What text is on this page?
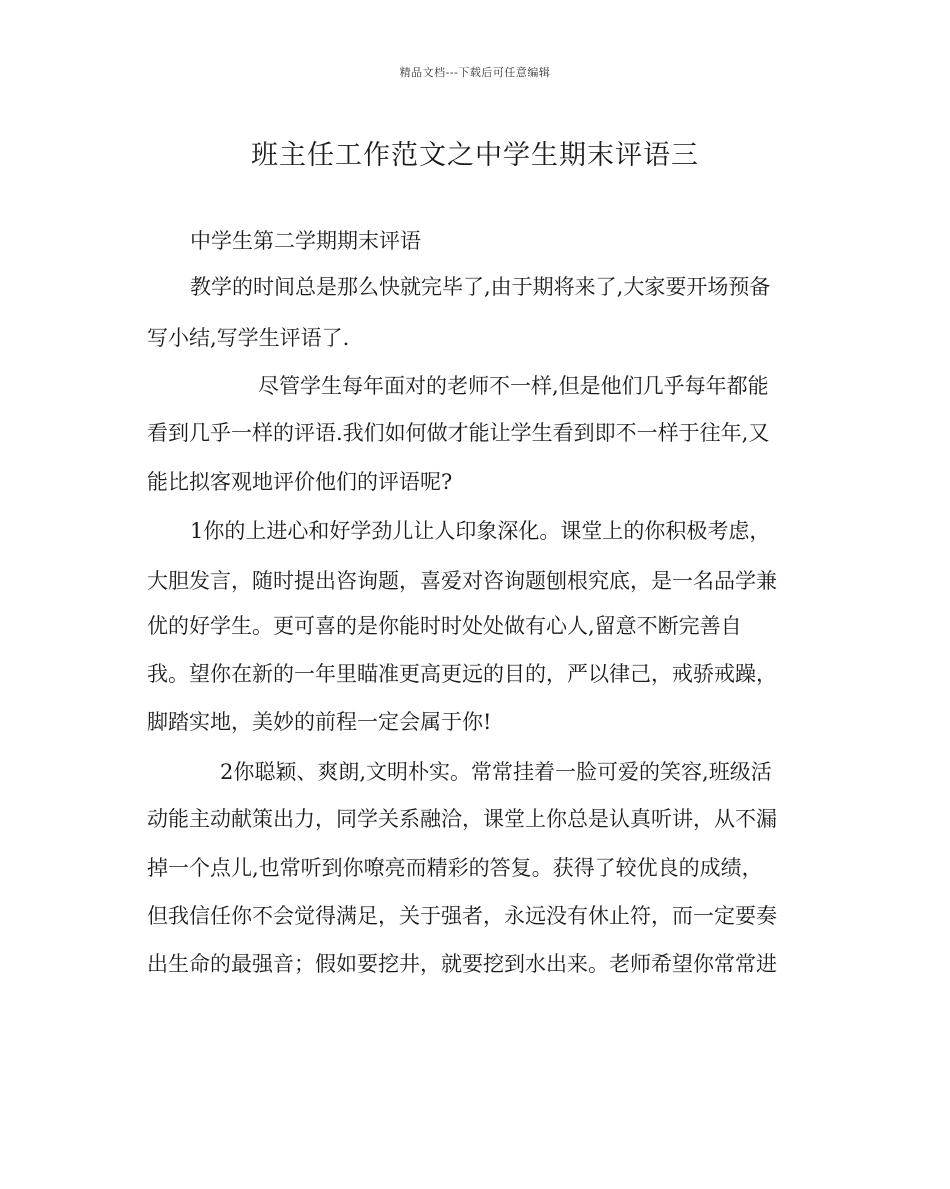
精品文档---下载后可任意编辑
班主任工作范文之中学生期末评语三
中学生第二学期期末评语
教学的时间总是那么快就完毕了,由于期将来了,大家要开场预备
写小结,写学生评语了.
尽管学生每年面对的老师不一样,但是他们几乎每年都能
看到几乎一样的评语.我们如何做才能让学生看到即不一样于往年,又
能比拟客观地评价他们的评语呢?
1你的上进心和好学劲儿让人印象深化。课堂上的你积极考虑，
大胆发言，随时提出咨询题，喜爱对咨询题刨根究底，是一名品学兼
优的好学生。更可喜的是你能时时处处做有心人,留意不断完善自
我。望你在新的一年里瞄准更高更远的目的，严以律己，戒骄戒躁，
脚踏实地，美妙的前程一定会属于你!
2你聪颖、爽朗,文明朴实。常常挂着一脸可爱的笑容,班级活
动能主动献策出力，同学关系融洽，课堂上你总是认真听讲，从不漏
掉一个点儿,也常听到你嘹亮而精彩的答复。获得了较优良的成绩，
但我信任你不会觉得满足，关于强者，永远没有休止符，而一定要奏
出生命的最强音；假如要挖井，就要挖到水出来。老师希望你常常进
